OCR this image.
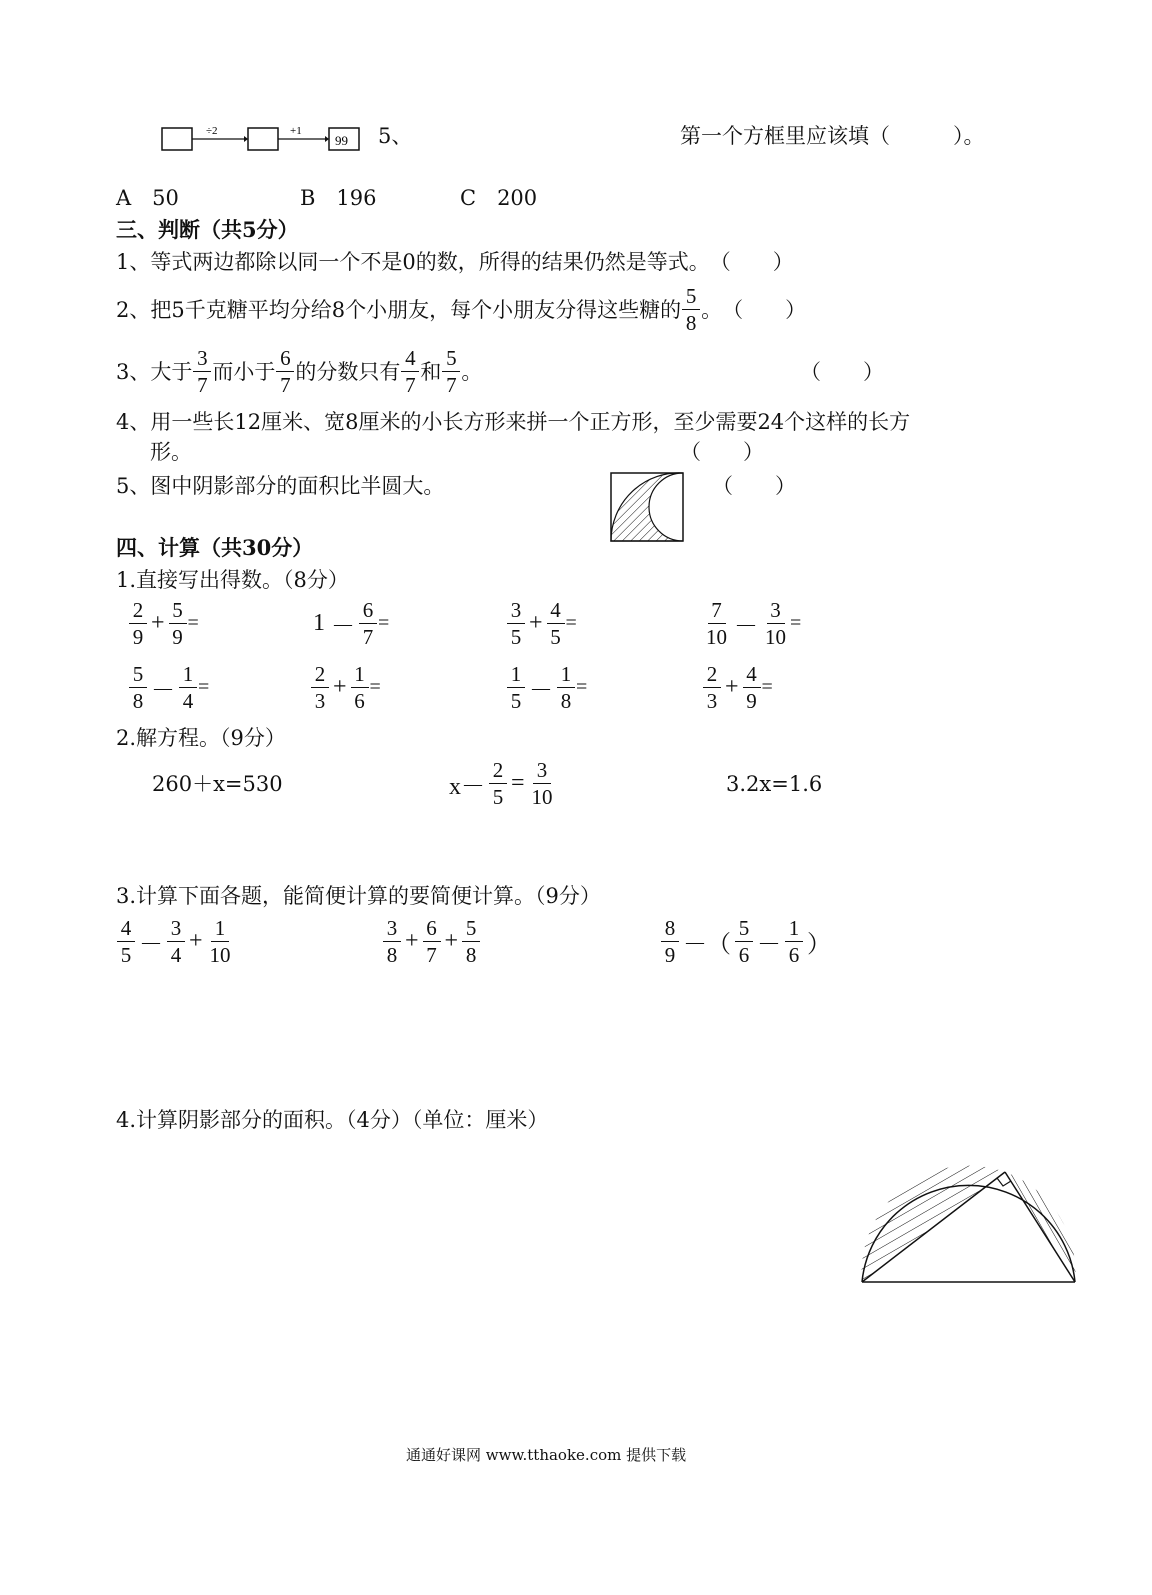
÷2	+1
99 5、	第一个方框里应该填（　　　）。
A　50	B　196	C　200
三、判断（共5分）
1、等式两边都除以同一个不是0的数，所得的结果仍然是等式。　（　　）
2、把5千克糖平均分给8个小朋友，每个小朋友分得这些糖的 $\frac{5}{8}$ 。　（　　）
3、大于 $\frac{3}{7}$ 而小于 $\frac{6}{7}$ 的分数只有 $\frac{4}{7}$ 和 $\frac{5}{7}$ 。	（　　）
4、用一些长12厘米、宽8厘米的小长方形来拼一个正方形，至少需要24个这样的长方
形。	（　　）
5、图中阴影部分的面积比半圆大。	（　　）
四、计算（共30分）
1.直接写出得数。（8分）
$\frac{2}{9} + \frac{5}{9}$ =	$1 - \frac{6}{7}$ =	$\frac{3}{5} + \frac{4}{5}$ =	$\frac{7}{10} - \frac{3}{10}$ =
$\frac{5}{8} - \frac{1}{4}$ =	$\frac{2}{3} + \frac{1}{6}$ =	$\frac{1}{5} - \frac{1}{8}$ =	$\frac{2}{3} + \frac{4}{9}$ =
2.解方程。（9分）
260＋x=530	$x- \frac{2}{5} = \frac{3}{10}$	3.2x=1.6
3.计算下面各题，能简便计算的要简便计算。（9分）
$\frac{4}{5} - \frac{3}{4} + \frac{1}{10}$	$\frac{3}{8} + \frac{6}{7} + \frac{5}{8}$	$\frac{8}{9}$ －（ $\frac{5}{6} - \frac{1}{6}$ ）
4.计算阴影部分的面积。（4分）（单位：厘米）
通通好课网 www.tthaoke.com 提供下载
